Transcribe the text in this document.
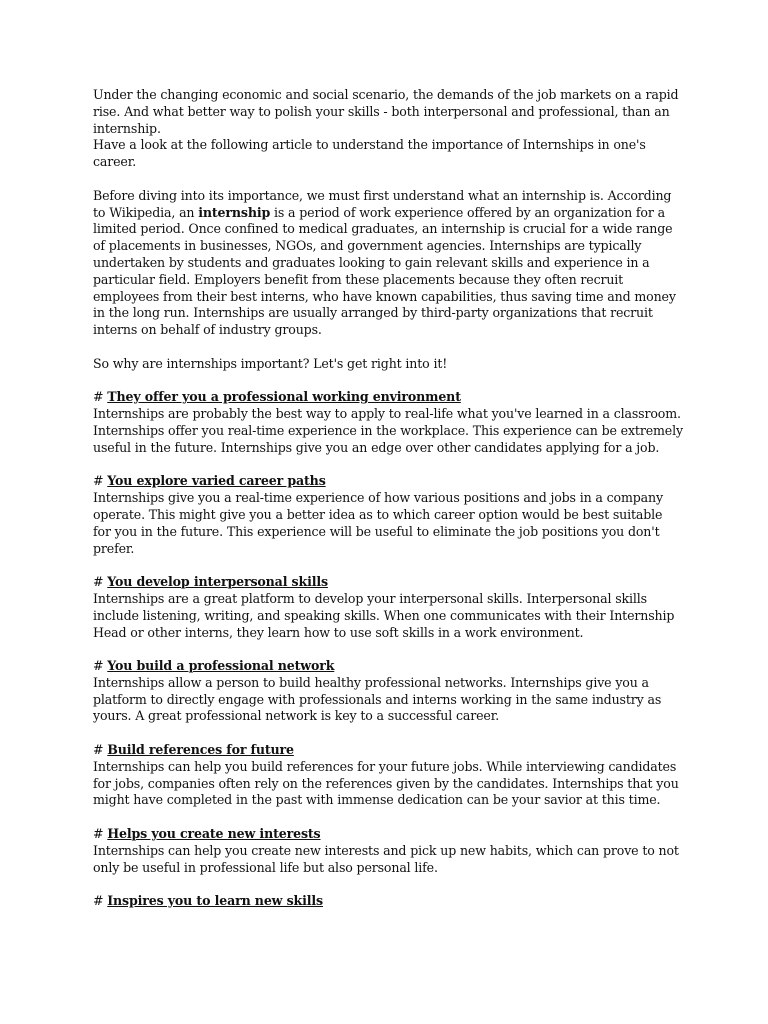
Under the changing economic and social scenario, the demands of the job markets on a rapid rise. And what better way to polish your skills - both interpersonal and professional, than an internship.

Have a look at the following article to understand the importance of Internships in one's career.

Before diving into its importance, we must first understand what an internship is. According to Wikipedia, an internship is a period of work experience offered by an organization for a limited period. Once confined to medical graduates, an internship is crucial for a wide range of placements in businesses, NGOs, and government agencies. Internships are typically undertaken by students and graduates looking to gain relevant skills and experience in a particular field. Employers benefit from these placements because they often recruit employees from their best interns, who have known capabilities, thus saving time and money in the long run. Internships are usually arranged by third-party organizations that recruit interns on behalf of industry groups.

So why are internships important? Let's get right into it!

# They offer you a professional working environment

Internships are probably the best way to apply to real-life what you've learned in a classroom. Internships offer you real-time experience in the workplace. This experience can be extremely useful in the future. Internships give you an edge over other candidates applying for a job.

# You explore varied career paths

Internships give you a real-time experience of how various positions and jobs in a company operate. This might give you a better idea as to which career option would be best suitable for you in the future. This experience will be useful to eliminate the job positions you don't prefer.

# You develop interpersonal skills

Internships are a great platform to develop your interpersonal skills. Interpersonal skills include listening, writing, and speaking skills. When one communicates with their Internship Head or other interns, they learn how to use soft skills in a work environment.

# You build a professional network

Internships allow a person to build healthy professional networks. Internships give you a platform to directly engage with professionals and interns working in the same industry as yours. A great professional network is key to a successful career.

# Build references for future

Internships can help you build references for your future jobs. While interviewing candidates for jobs, companies often rely on the references given by the candidates. Internships that you might have completed in the past with immense dedication can be your savior at this time.

# Helps you create new interests

Internships can help you create new interests and pick up new habits, which can prove to not only be useful in professional life but also personal life.

# Inspires you to learn new skills
